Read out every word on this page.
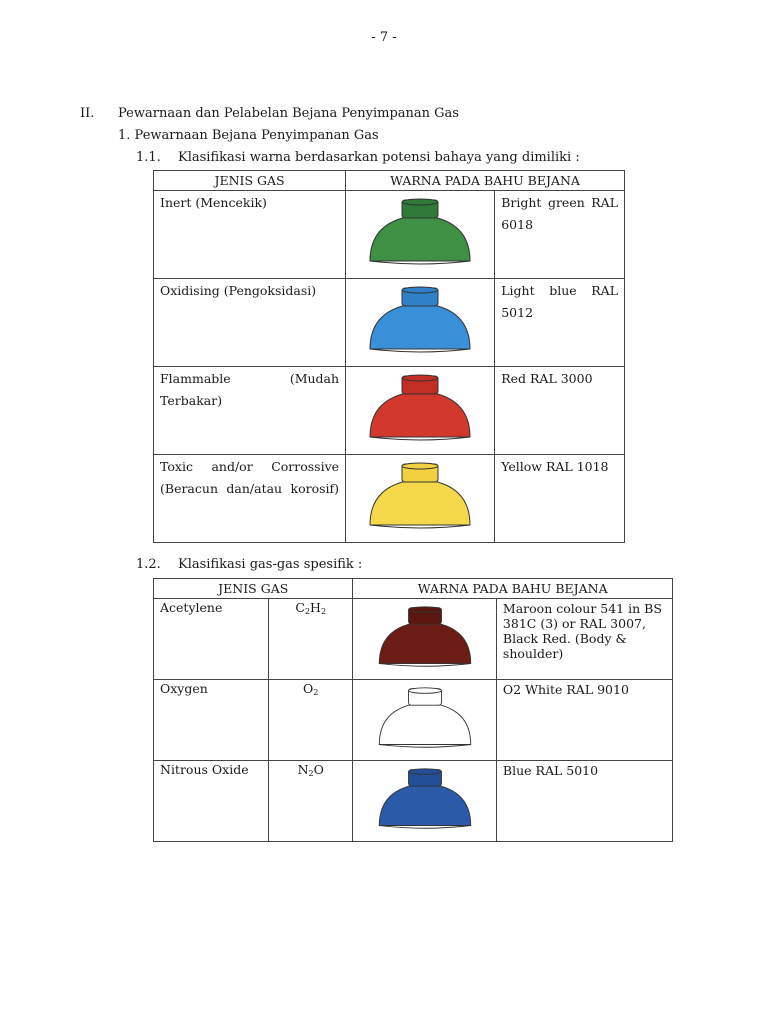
- 7 -
II. Pewarnaan dan Pelabelan Bejana Penyimpanan Gas
1. Pewarnaan Bejana Penyimpanan Gas
1.1. Klasifikasi warna berdasarkan potensi bahaya yang dimiliki :
JENIS GAS	WARNA PADA BAHU BEJANA	
Inert (Mencekik)		Bright green RAL 6018
Oxidising (Pengoksidasi)		Light blue RAL 5012
Flammable (Mudah Terbakar)		Red RAL 3000
Toxic and/or Corrossive (Beracun dan/atau korosif)		Yellow RAL 1018
1.2. Klasifikasi gas-gas spesifik :
JENIS GAS		WARNA PADA BAHU BEJANA	
Acetylene	$C_2H_2$		Maroon colour 541 in BS 381C (3) or RAL 3007, Black Red. (Body & shoulder)
Oxygen	$O_2$		O2 White RAL 9010
Nitrous Oxide	$N_2O$		Blue RAL 5010
